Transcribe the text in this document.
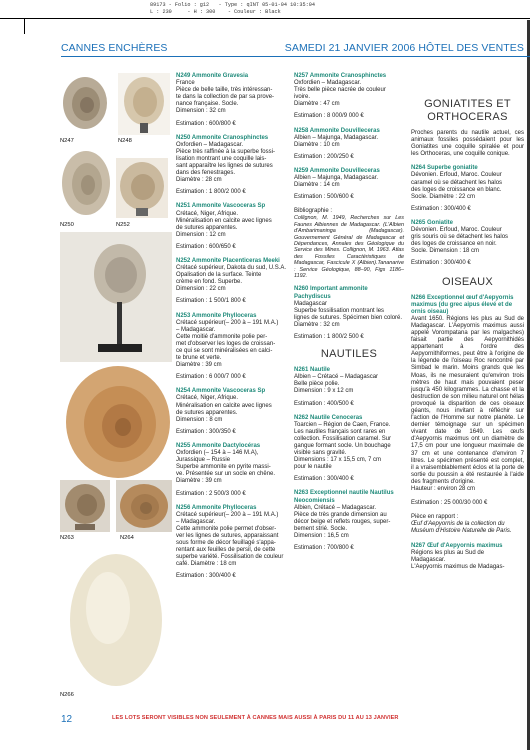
89173 - Folio : g12   - Type : qINT 05-01-04 10:35:04
L : 230     - H : 300    - Couleur : Black
CANNES ENCHÈRES	SAMEDI 21 JANVIER 2006 HÔTEL DES VENTES
N247	N248
N250	N252
N263	N264
N266
N249 Ammonite Gravesia
France
Pièce de belle taille, très intéressan-
te dans la collection de par sa prove-
nance française. Socle.
Dimension : 32 cm
Estimation : 600/800 €
N250 Ammonite Cranosphinctes
Oxfordien – Madagascar.
Pièce très raffinée à la superbe fossi-
lisation montrant une coquille lais-
sant apparaître les lignes de sutures
dans des fenestrages.
Diamètre : 28 cm
Estimation : 1 800/2 000 €
N251 Ammonite Vascoceras Sp
Crétacé, Niger, Afrique.
Minéralisation en calcite avec lignes
de sutures apparentes.
Dimension : 12 cm
Estimation : 600/650 €
N252 Ammonite Placenticeras Meeki
Crétacé supérieur, Dakota du sud, U.S.A.
Opalisation de la surface. Teinte
crème en fond. Superbe.
Dimension : 22 cm
Estimation : 1 500/1 800 €
N253 Ammonite Phylloceras
Crétacé supérieur(– 200 à – 191 M.A.)
– Madagascar.
Cette moitié d'ammonite polie per-
met d'observer les loges de croissan-
ce qui se sont minéralisées en calci-
te brune et verte.
Diamètre : 39 cm
Estimation : 6 000/7 000 €
N254 Ammonite Vascoceras Sp
Crétacé, Niger, Afrique.
Minéralisation en calcite avec lignes
de sutures apparentes.
Dimension : 8 cm
Estimation : 300/350 €
N255 Ammonite Dactylocéras
Oxfordien (– 154 à – 146 M.A),
Jurassique – Russie
Superbe ammonite en pyrite massi-
ve. Présentée sur un socle en chêne.
Diamètre : 39 cm
Estimation : 2 500/3 000 €
N256 Ammonite Phylloceras
Crétacé supérieur(– 200 à – 191 M.A.)
– Madagascar.
Cette ammonite polie permet d'obser-
ver les lignes de sutures, apparaissant
sous forme de décor feuillagé s'appa-
rentant aux feuilles de persil, de cette
superbe variété. Fossilisation de couleur
café. Diamètre : 18 cm
Estimation : 300/400 €
N257 Ammonite Cranosphinctes
Oxfordien – Madagascar.
Très belle pièce nacrée de couleur
ivoire.
Diamètre : 47 cm
Estimation : 8 000/9 000 €
N258 Ammonite Douvilleceras
Albien – Majunga, Madagascar.
Diamètre : 10 cm
Estimation : 200/250 €
N259 Ammonite Douvilleceras
Albien – Majunga, Madagascar.
Diamètre : 14 cm
Estimation : 500/600 €
Bibliographie :
Collignon, M. 1949, Recherches sur Les Faunes Albiennes de Madagascar. (L'Albien d'Ambarimaninga (Madagascar). Gouvernement Général de Madagascar et Dépendances, Annales des Géologique du Service des Mines. Collignon, M. 1963. Atlas des Fossiles Caractéristiques de Madagascar, Fascicule X (Albien).Tananarive : Service Géologique, 88–90, Figs 1186–1192.
N260 Important ammonite Pachydiscus
Madagascar
Superbe fossilisation montrant les
lignes de sutures. Spécimen bien coloré.
Diamètre : 32 cm
Estimation : 1 800/2 500 €
NAUTILES
N261 Nautile
Albien – Crétacé – Madagascar
Belle pièce polie.
Dimension : 9 x 12 cm
Estimation : 400/500 €
N262 Nautile Cenoceras
Toarcien – Région de Caen, France.
Les nautiles français sont rares en
collection. Fossilisation caramel. Sur
gangue formant socle. Un bouchage
visible sans gravité.
Dimensions : 17 x 15,5 cm, 7 cm
pour le nautile
Estimation : 300/400 €
N263 Exceptionnel nautile Nautilus Neocomiensis
Albien, Crétacé – Madagascar.
Pièce de très grande dimension au
décor beige et reflets rouges, super-
bement strié. Socle.
Dimension : 16,5 cm
Estimation : 700/800 €
GONIATITES ET ORTHOCERAS
Proches parents du nautile actuel, ces animaux fossiles possédaient pour les Goniatites une coquille spiralée et pour les Orthoceras, une coquille conique.
N264 Superbe goniatite
Dévonien. Erfoud, Maroc. Couleur
caramel où se détachent les halos
des loges de croissance en blanc.
Socle. Diamètre : 22 cm
Estimation : 300/400 €
N265 Goniatite
Dévonien. Erfoud, Maroc. Couleur
gris souris où se détachent les halos
des loges de croissance en noir.
Socle. Dimension : 18 cm
Estimation : 300/400 €
OISEAUX
N266 Exceptionnel œuf d'Aepyornis maximus (du grec aipus élevé et de ornis oiseau)
Avant 1650. Régions les plus au Sud de Madagascar. L'Aepyornis maximus aussi appelé Vorompatana par les malgaches) faisait partie des Aepyornithidés appartenant à l'ordre des Aepyornithiformes, peut être à l'origine de la légende de l'oiseau Roc rencontré par Simbad le marin. Moins grands que les Moas, ils ne mesuraient qu'environ trois mètres de haut mais pouvaient peser jusqu'à 450 kilogrammes. La chasse et la destruction de son milieu naturel ont hélas provoqué la disparition de ces oiseaux géants, nous invitant à réfléchir sur l'action de l'Homme sur notre planète. Le dernier témoignage sur un spécimen vivant date de 1649. Les œufs d'Aepyornis maximus ont un diamètre de 17,5 cm pour une longueur maximale de 37 cm et une contenance d'environ 7 litres. Le spécimen présenté est complet, il a vraisemblablement éclos et la porte de sortie du poussin a été restaurée à l'aide des fragments d'origine.
Hauteur : environ 28 cm
Estimation : 25 000/30 000 €
Pièce en rapport :
Œuf d'Aepyornis de la collection du Muséum d'Histoire Naturelle de Paris.
N267 Œuf d'Aepyornis maximus
Régions les plus au Sud de
Madagascar.
L'Aepyornis maximus de Madagas-
12	LES LOTS SERONT VISIBLES NON SEULEMENT À CANNES MAIS AUSSI À PARIS DU 11 AU 13 JANVIER
